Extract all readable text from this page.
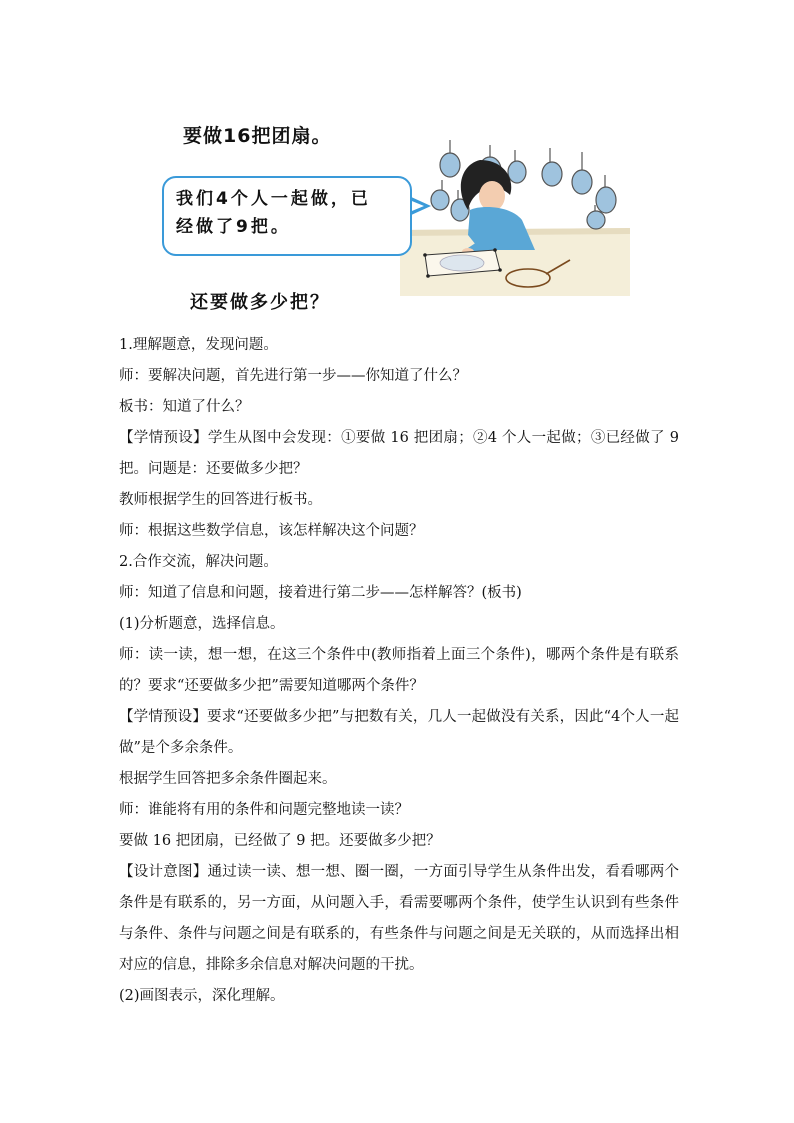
要做16把团扇。
我们4个人一起做，已
经做了9把。
还要做多少把？

1.理解题意，发现问题。

师：要解决问题，首先进行第一步——你知道了什么？

板书：知道了什么？

【学情预设】学生从图中会发现：①要做 16 把团扇；②4 个人一起做；③已经做了 9 把。问题是：还要做多少把？

教师根据学生的回答进行板书。

师：根据这些数学信息，该怎样解决这个问题？

2.合作交流，解决问题。

师：知道了信息和问题，接着进行第二步——怎样解答？(板书)

(1)分析题意，选择信息。

师：读一读，想一想，在这三个条件中(教师指着上面三个条件)，哪两个条件是有联系的？要求“还要做多少把”需要知道哪两个条件？

【学情预设】要求“还要做多少把”与把数有关，几人一起做没有关系，因此“4个人一起做”是个多余条件。

根据学生回答把多余条件圈起来。

师：谁能将有用的条件和问题完整地读一读？

要做 16 把团扇，已经做了 9 把。还要做多少把？

【设计意图】通过读一读、想一想、圈一圈，一方面引导学生从条件出发，看看哪两个条件是有联系的，另一方面，从问题入手，看需要哪两个条件，使学生认识到有些条件与条件、条件与问题之间是有联系的，有些条件与问题之间是无关联的，从而选择出相对应的信息，排除多余信息对解决问题的干扰。

(2)画图表示，深化理解。
